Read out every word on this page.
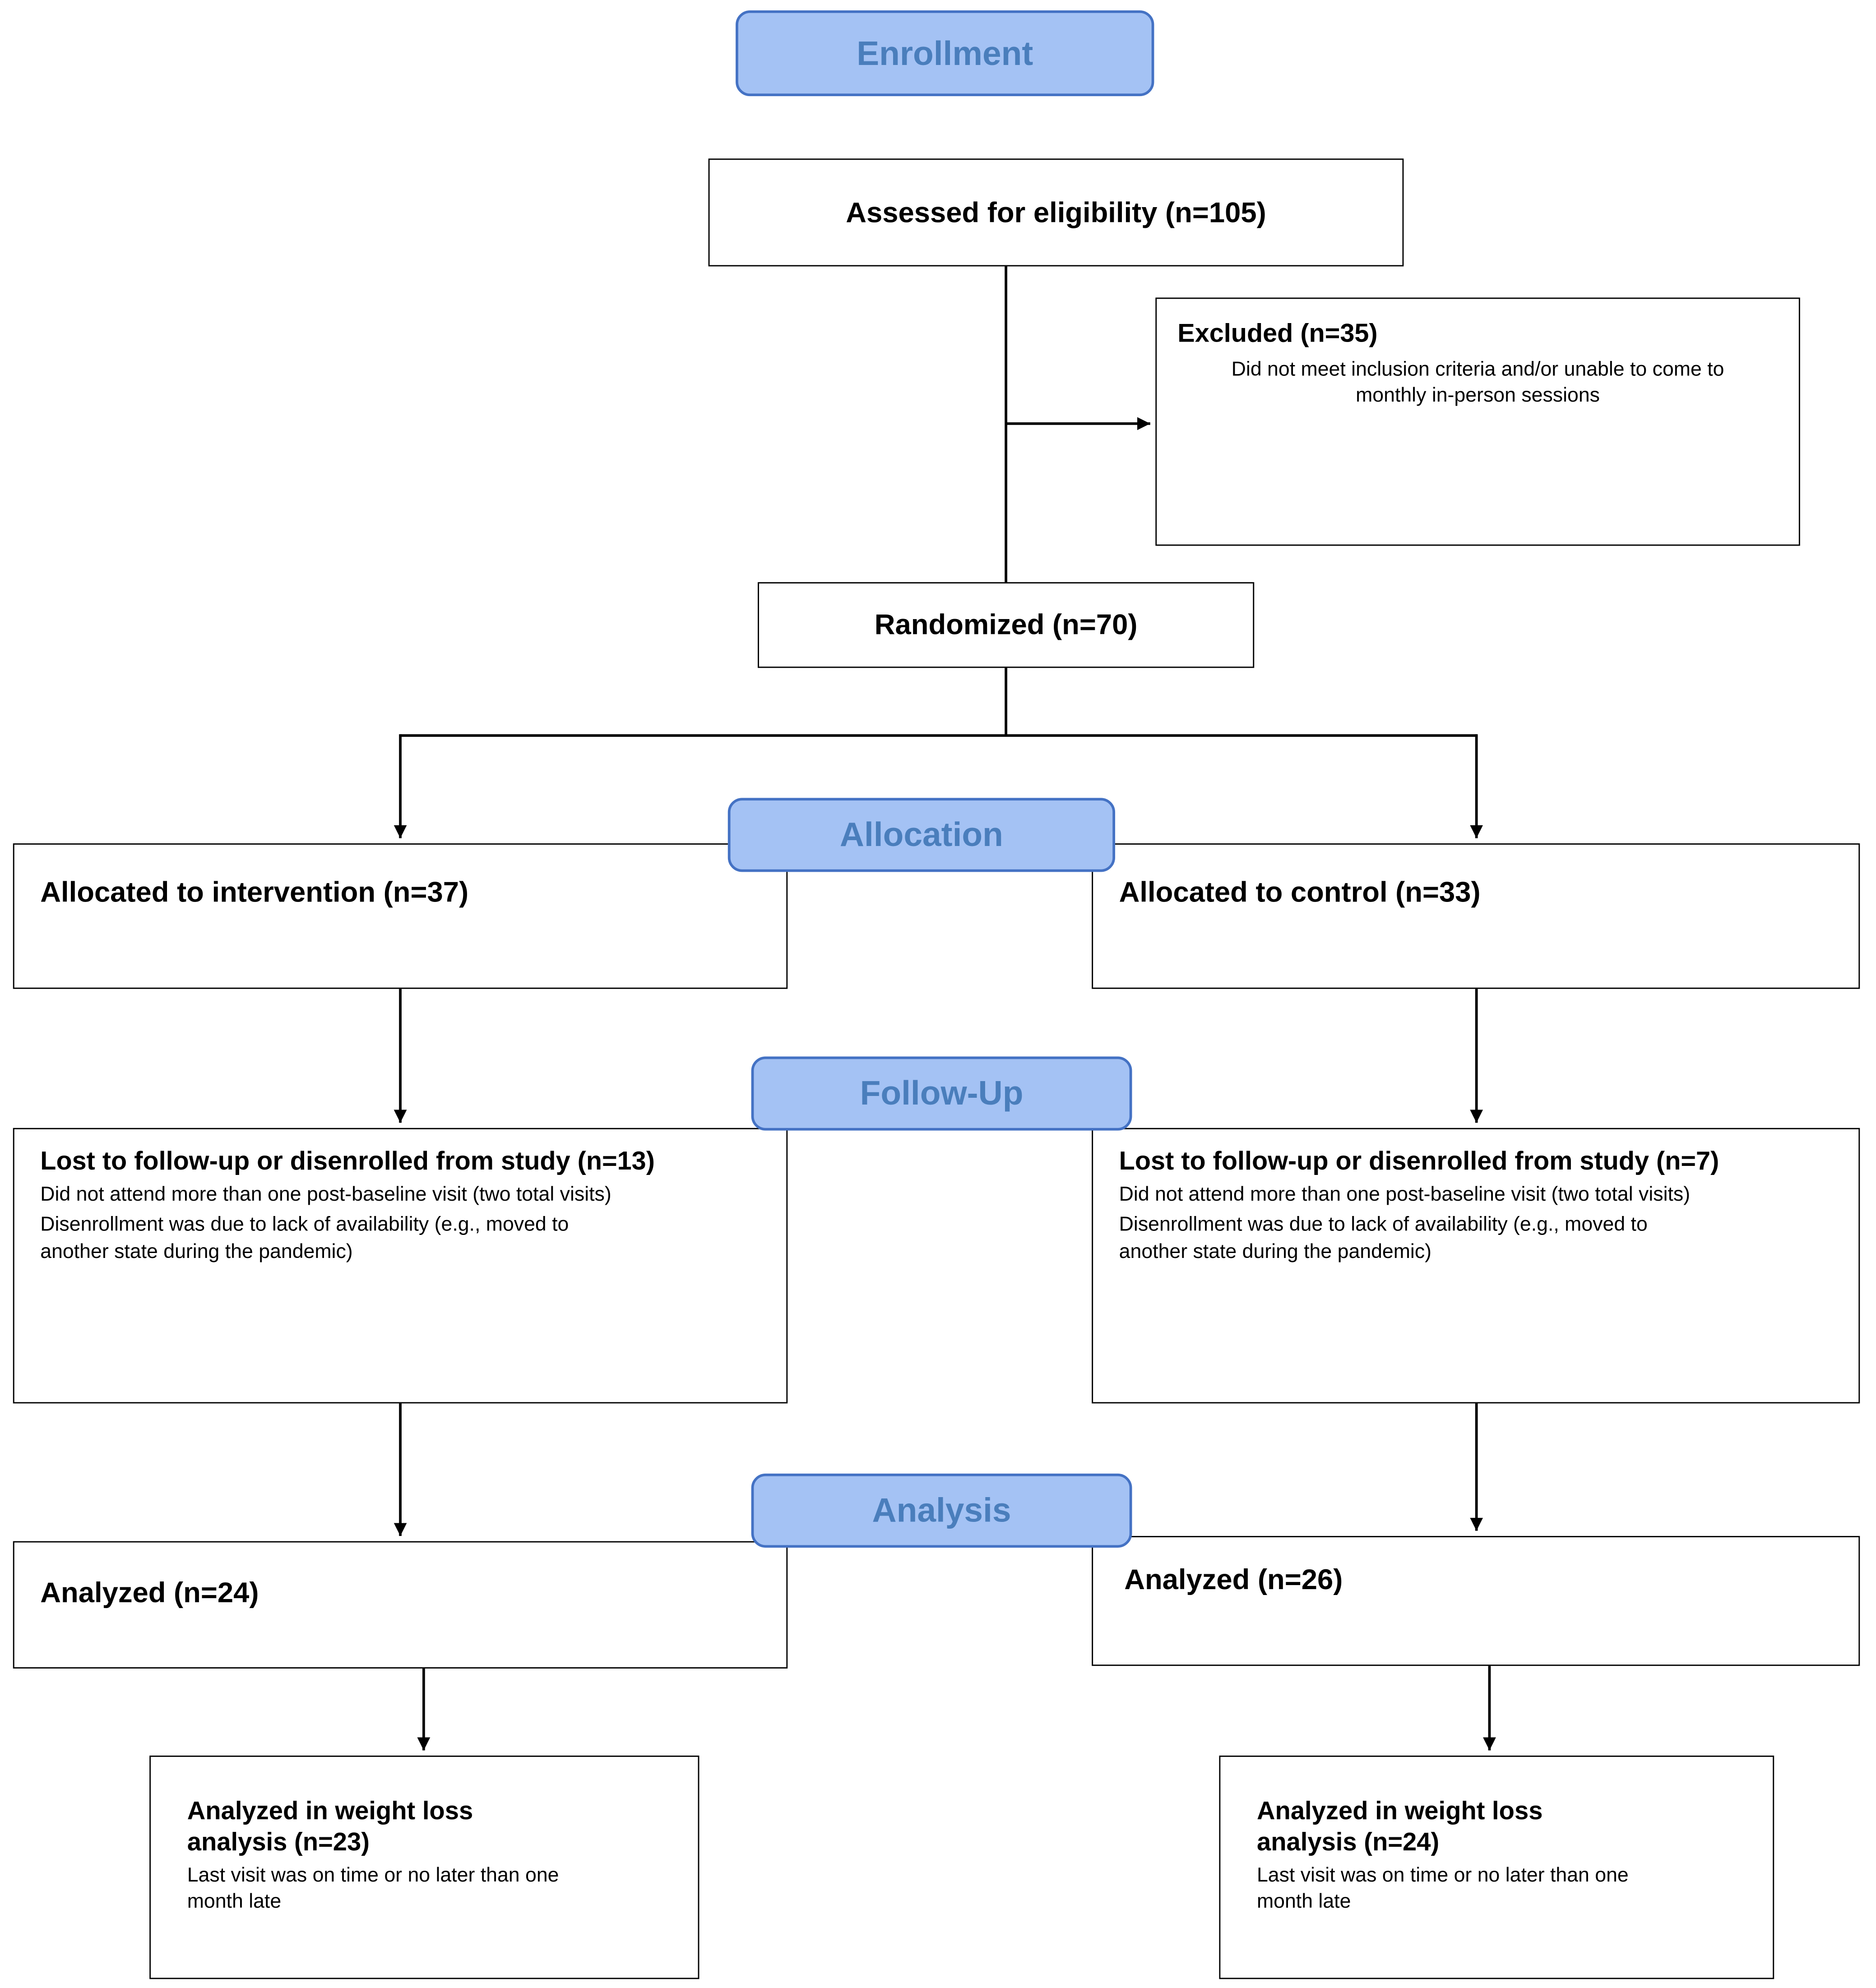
Enrollment
Allocation
Follow-Up
Analysis
Assessed for eligibility (n=105)
Excluded (n=35)
Did not meet inclusion criteria and/or unable to come to monthly in-person sessions
Randomized (n=70)
Allocated to intervention (n=37)	Allocated to control (n=33)
Lost to follow-up or disenrolled from study (n=13)
Did not attend more than one post-baseline visit (two total visits)
Disenrollment was due to lack of availability (e.g., moved to another state during the pandemic)
Lost to follow-up or disenrolled from study (n=7)
Did not attend more than one post-baseline visit (two total visits)
Disenrollment was due to lack of availability (e.g., moved to another state during the pandemic)
Analyzed (n=24)	Analyzed (n=26)
Analyzed in weight loss analysis (n=23)
Last visit was on time or no later than one month late
Analyzed in weight loss analysis (n=24)
Last visit was on time or no later than one month late
